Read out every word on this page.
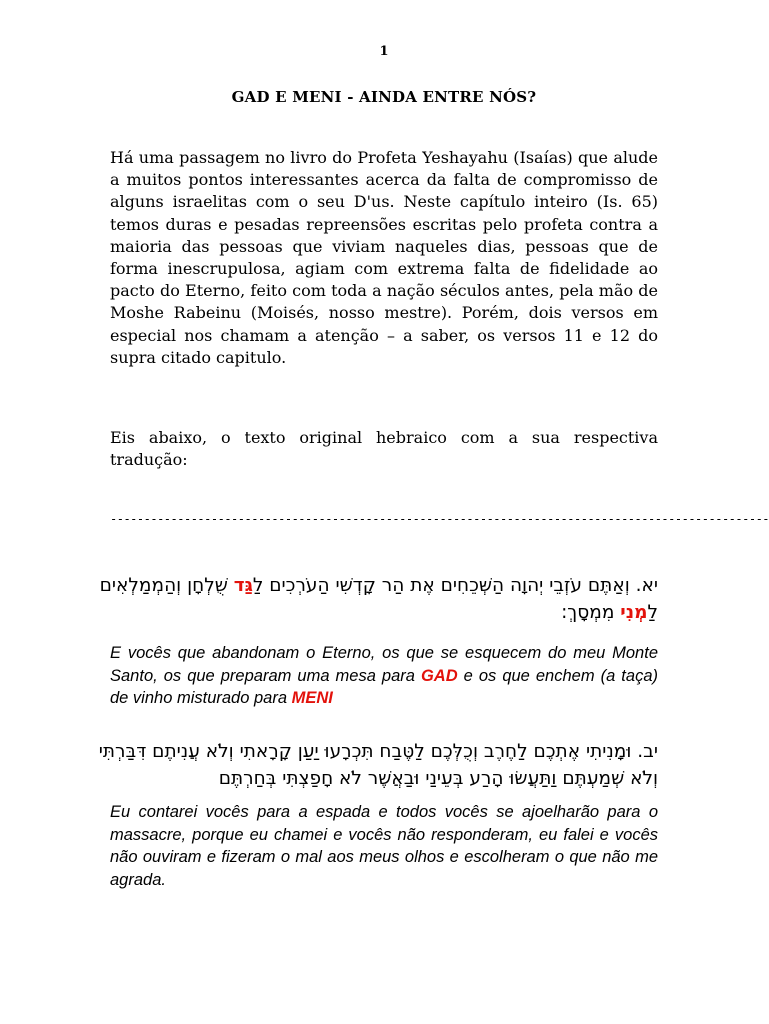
1
GAD E MENI - AINDA ENTRE NÓS?

Há uma passagem no livro do Profeta Yeshayahu (Isaías) que alude a muitos pontos interessantes acerca da falta de compromisso de alguns israelitas com o seu D'us. Neste capítulo inteiro (Is. 65) temos duras e pesadas repreensões escritas pelo profeta contra a maioria das pessoas que viviam naqueles dias, pessoas que de forma inescrupulosa, agiam com extrema falta de fidelidade ao pacto do Eterno, feito com toda a nação séculos antes, pela mão de Moshe Rabeinu (Moisés, nosso mestre). Porém, dois versos em especial nos chamam a atenção – a saber, os versos 11 e 12 do supra citado capitulo.

Eis abaixo, o texto original hebraico com a sua respectiva tradução:

--------------------------------------------------------------------------------------------------

יא. וְאַתֶּם עֹזְבֵי יְהוָה הַשְּׁכֵחִים אֶת הַר קָדְשִׁי הַעֹרְכִים לַגַּד שֻׁלְחָן וְהַמְמַלְאִים לַמְנִי מִמְסָךְ:

E vocês que abandonam o Eterno, os que se esquecem do meu Monte Santo, os que preparam uma mesa para GAD e os que enchem (a taça) de vinho misturado para MENI

יב. וּמָנִיתִי אֶתְכֶם לַחֶרֶב וְכֻלְּכֶם לַטֶּבַח תִּכְרָעוּ יַעַן קָרָאתִי וְלֹא עֲנִיתֶם דִּבַּרְתִּי וְלֹא שְׁמַעְתֶּם וַתַּעֲשׂוּ הָרַע בְּעֵינַי וּבַאֲשֶׁר לֹא חָפַצְתִּי בְּחַרְתֶּם

Eu contarei vocês para a espada e todos vocês se ajoelharão para o massacre, porque eu chamei e vocês não responderam, eu falei e vocês não ouviram e fizeram o mal aos meus olhos e escolheram o que não me agrada.
